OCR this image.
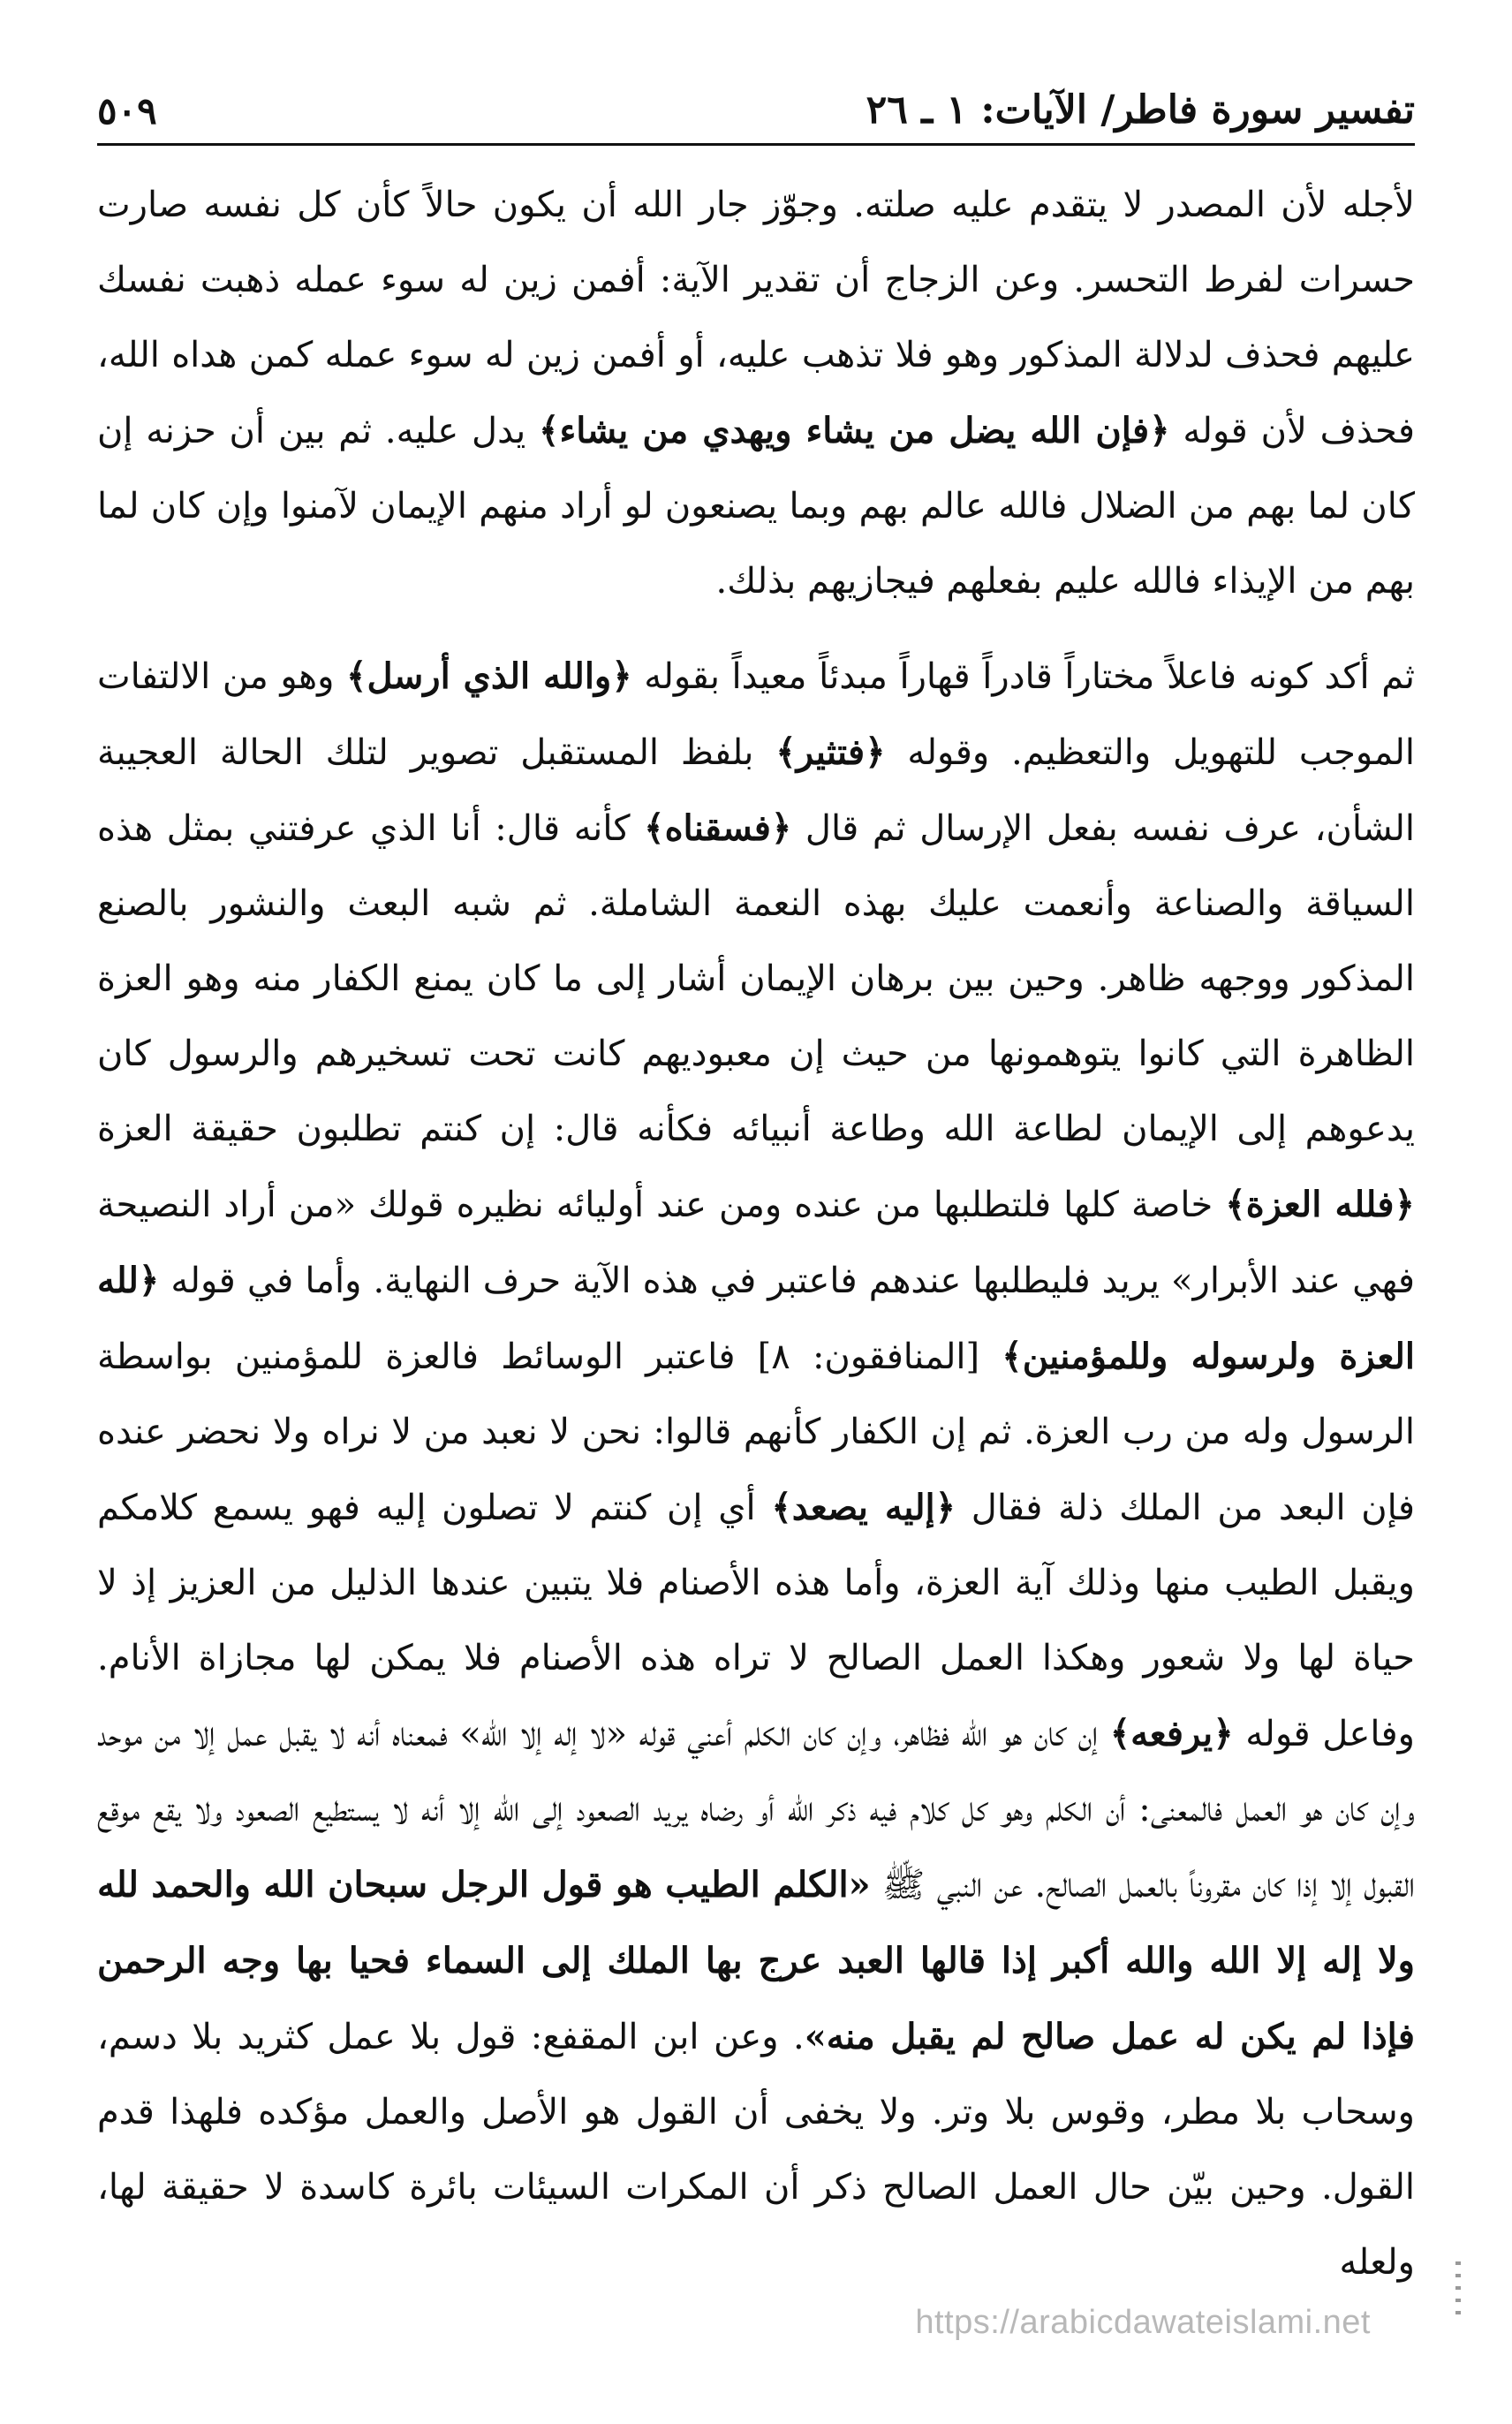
تفسير سورة فاطر/ الآيات: ١ ـ ٢٦
٥٠٩

لأجله لأن المصدر لا يتقدم عليه صلته. وجوّز جار الله أن يكون حالاً كأن كل نفسه صارت حسرات لفرط التحسر. وعن الزجاج أن تقدير الآية: أفمن زين له سوء عمله ذهبت نفسك عليهم فحذف لدلالة المذكور وهو فلا تذهب عليه، أو أفمن زين له سوء عمله كمن هداه الله، فحذف لأن قوله ﴿فإن الله يضل من يشاء ويهدي من يشاء﴾ يدل عليه. ثم بين أن حزنه إن كان لما بهم من الضلال فالله عالم بهم وبما يصنعون لو أراد منهم الإيمان لآمنوا وإن كان لما بهم من الإيذاء فالله عليم بفعلهم فيجازيهم بذلك.

ثم أكد كونه فاعلاً مختاراً قادراً قهاراً مبدئاً معيداً بقوله ﴿والله الذي أرسل﴾ وهو من الالتفات الموجب للتهويل والتعظيم. وقوله ﴿فتثير﴾ بلفظ المستقبل تصوير لتلك الحالة العجيبة الشأن، عرف نفسه بفعل الإرسال ثم قال ﴿فسقناه﴾ كأنه قال: أنا الذي عرفتني بمثل هذه السياقة والصناعة وأنعمت عليك بهذه النعمة الشاملة. ثم شبه البعث والنشور بالصنع المذكور ووجهه ظاهر. وحين بين برهان الإيمان أشار إلى ما كان يمنع الكفار منه وهو العزة الظاهرة التي كانوا يتوهمونها من حيث إن معبوديهم كانت تحت تسخيرهم والرسول كان يدعوهم إلى الإيمان لطاعة الله وطاعة أنبيائه فكأنه قال: إن كنتم تطلبون حقيقة العزة ﴿فلله العزة﴾ خاصة كلها فلتطلبها من عنده ومن عند أوليائه نظيره قولك «من أراد النصيحة فهي عند الأبرار» يريد فليطلبها عندهم فاعتبر في هذه الآية حرف النهاية. وأما في قوله ﴿لله العزة ولرسوله وللمؤمنين﴾ [المنافقون: ٨] فاعتبر الوسائط فالعزة للمؤمنين بواسطة الرسول وله من رب العزة. ثم إن الكفار كأنهم قالوا: نحن لا نعبد من لا نراه ولا نحضر عنده فإن البعد من الملك ذلة فقال ﴿إليه يصعد﴾ أي إن كنتم لا تصلون إليه فهو يسمع كلامكم ويقبل الطيب منها وذلك آية العزة، وأما هذه الأصنام فلا يتبين عندها الذليل من العزيز إذ لا حياة لها ولا شعور وهكذا العمل الصالح لا تراه هذه الأصنام فلا يمكن لها مجازاة الأنام. وفاعل قوله ﴿يرفعه﴾ إن كان هو الله فظاهر، وإن كان الكلم أعني قوله «لا إله إلا الله» فمعناه أنه لا يقبل عمل إلا من موحد وإن كان هو العمل فالمعنى: أن الكلم وهو كل كلام فيه ذكر الله أو رضاه يريد الصعود إلى الله إلا أنه لا يستطيع الصعود ولا يقع موقع القبول إلا إذا كان مقروناً بالعمل الصالح. عن النبي ﷺ «الكلم الطيب هو قول الرجل سبحان الله والحمد لله ولا إله إلا الله والله أكبر إذا قالها العبد عرج بها الملك إلى السماء فحيا بها وجه الرحمن فإذا لم يكن له عمل صالح لم يقبل منه». وعن ابن المقفع: قول بلا عمل كثريد بلا دسم، وسحاب بلا مطر، وقوس بلا وتر. ولا يخفى أن القول هو الأصل والعمل مؤكده فلهذا قدم القول. وحين بيّن حال العمل الصالح ذكر أن المكرات السيئات بائرة كاسدة لا حقيقة لها، ولعله

https://arabicdawateislami.net
